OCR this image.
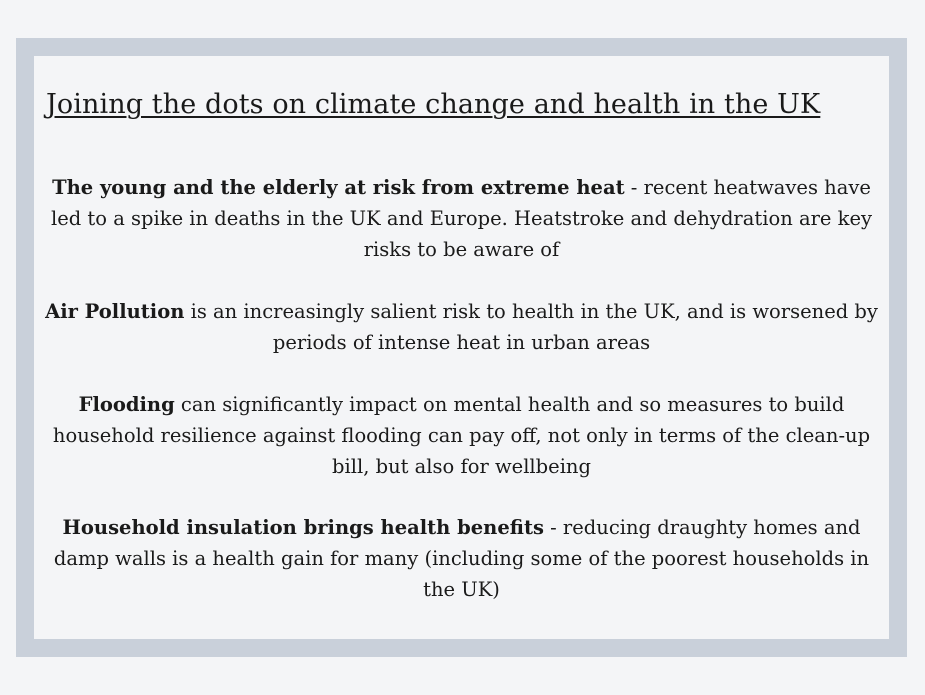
Joining the dots on climate change and health in the UK

The young and the elderly at risk from extreme heat - recent heatwaves have led to a spike in deaths in the UK and Europe. Heatstroke and dehydration are key risks to be aware of

Air Pollution is an increasingly salient risk to health in the UK, and is worsened by periods of intense heat in urban areas

Flooding can significantly impact on mental health and so measures to build household resilience against flooding can pay off, not only in terms of the clean-up bill, but also for wellbeing

Household insulation brings health benefits - reducing draughty homes and damp walls is a health gain for many (including some of the poorest households in the UK)
